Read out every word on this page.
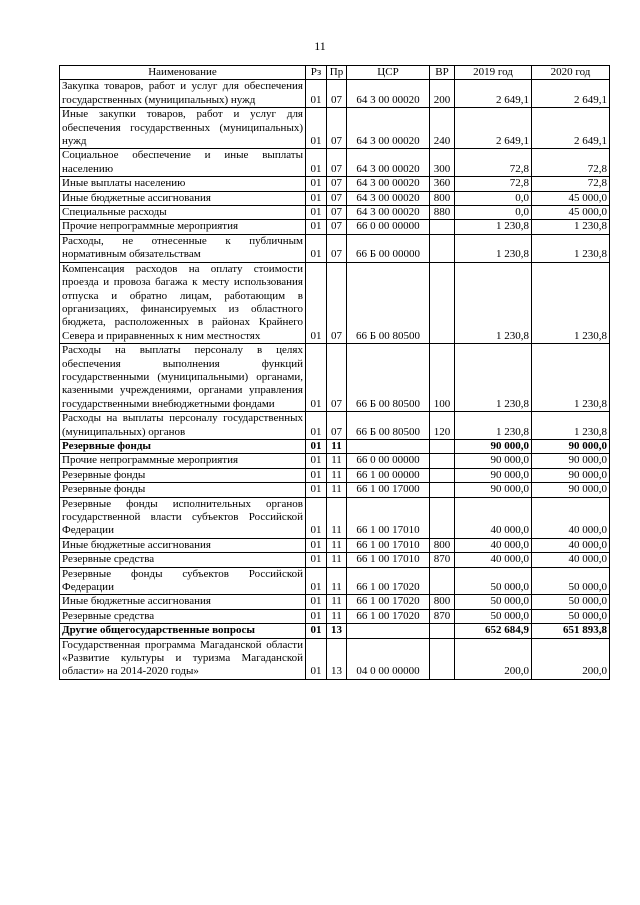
11
Наименование	Рз	Пр	ЦСР	ВР	2019 год	2020 год
Закупка товаров, работ и услуг для обеспечения государственных (муниципальных) нужд	01	07	64 3 00 00020	200	2 649,1	2 649,1
Иные закупки товаров, работ и услуг для обеспечения государственных (муниципальных) нужд	01	07	64 3 00 00020	240	2 649,1	2 649,1
Социальное обеспечение и иные выплаты населению	01	07	64 3 00 00020	300	72,8	72,8
Иные выплаты населению	01	07	64 3 00 00020	360	72,8	72,8
Иные бюджетные ассигнования	01	07	64 3 00 00020	800	0,0	45 000,0
Специальные расходы	01	07	64 3 00 00020	880	0,0	45 000,0
Прочие непрограммные мероприятия	01	07	66 0 00 00000		1 230,8	1 230,8
Расходы, не отнесенные к публичным нормативным обязательствам	01	07	66 Б 00 00000		1 230,8	1 230,8
Компенсация расходов на оплату стоимости проезда и провоза багажа к месту использования отпуска и обратно лицам, работающим в организациях, финансируемых из областного бюджета, расположенных в районах Крайнего Севера и приравненных к ним местностях	01	07	66 Б 00 80500		1 230,8	1 230,8
Расходы на выплаты персоналу в целях обеспечения выполнения функций государственными (муниципальными) органами, казенными учреждениями, органами управления государственными внебюджетными фондами	01	07	66 Б 00 80500	100	1 230,8	1 230,8
Расходы на выплаты персоналу государственных (муниципальных) органов	01	07	66 Б 00 80500	120	1 230,8	1 230,8
Резервные фонды	01	11			90 000,0	90 000,0
Прочие непрограммные мероприятия	01	11	66 0 00 00000		90 000,0	90 000,0
Резервные фонды	01	11	66 1 00 00000		90 000,0	90 000,0
Резервные фонды	01	11	66 1 00 17000		90 000,0	90 000,0
Резервные фонды исполнительных органов государственной власти субъектов Российской Федерации	01	11	66 1 00 17010		40 000,0	40 000,0
Иные бюджетные ассигнования	01	11	66 1 00 17010	800	40 000,0	40 000,0
Резервные средства	01	11	66 1 00 17010	870	40 000,0	40 000,0
Резервные фонды субъектов Российской Федерации	01	11	66 1 00 17020		50 000,0	50 000,0
Иные бюджетные ассигнования	01	11	66 1 00 17020	800	50 000,0	50 000,0
Резервные средства	01	11	66 1 00 17020	870	50 000,0	50 000,0
Другие общегосударственные вопросы	01	13			652 684,9	651 893,8
Государственная программа Магаданской области «Развитие культуры и туризма Магаданской области» на 2014-2020 годы»	01	13	04 0 00 00000		200,0	200,0
